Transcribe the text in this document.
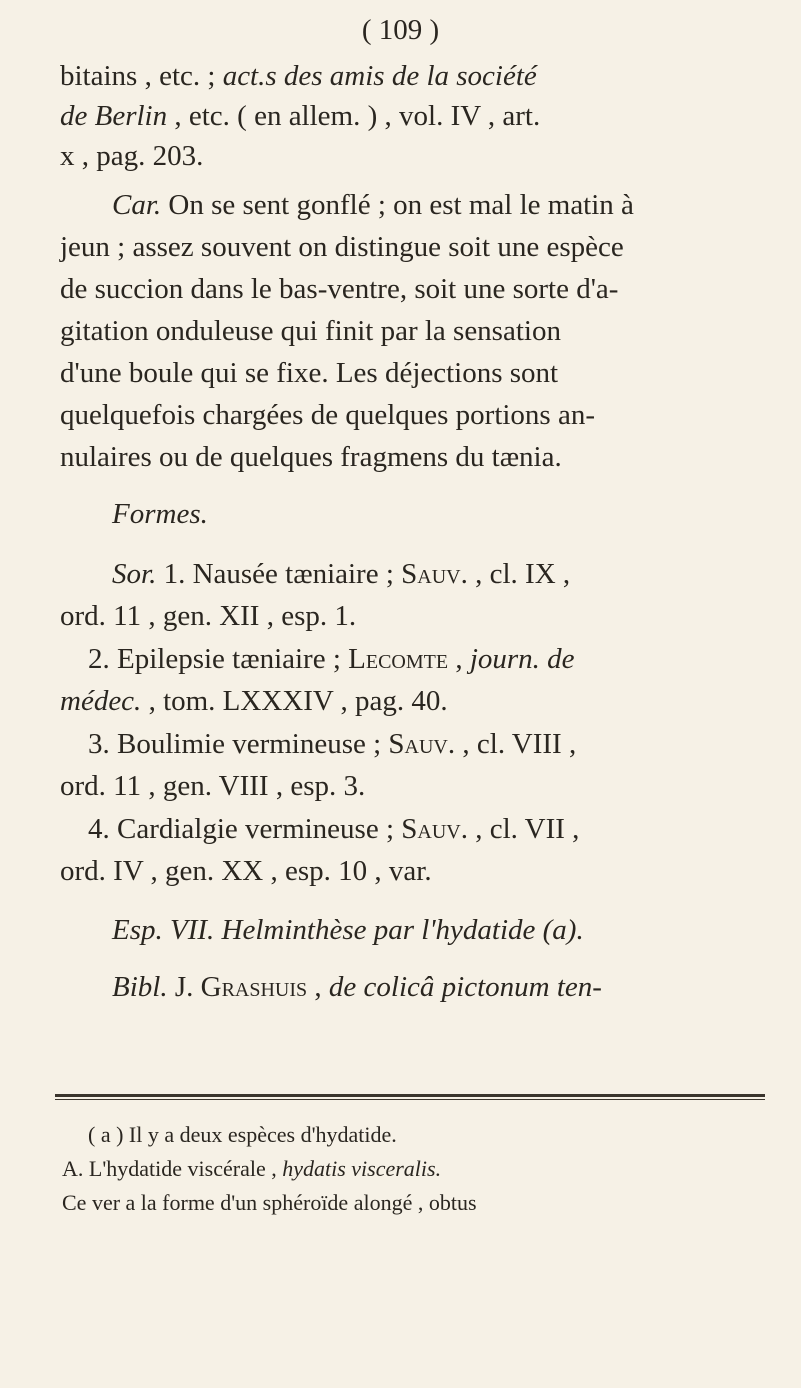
( 109 )
bitains , etc. ; act.s des amis de la société
de Berlin , etc. ( en allem. ) , vol. IV , art.
x , pag. 203.
Car. On se sent gonflé ; on est mal le matin à
jeun ; assez souvent on distingue soit une espèce
de succion dans le bas-ventre, soit une sorte d'a-
gitation onduleuse qui finit par la sensation
d'une boule qui se fixe. Les déjections sont
quelquefois chargées de quelques portions an-
nulaires ou de quelques fragmens du tænia.
Formes.
Sor. 1. Nausée tæniaire ; Sauv. , cl. IX ,
ord. 11 , gen. XII , esp. 1.
2. Epilepsie tæniaire ; Lecomte , journ. de
médec. , tom. LXXXIV , pag. 40.
3. Boulimie vermineuse ; Sauv. , cl. VIII ,
ord. 11 , gen. VIII , esp. 3.
4. Cardialgie vermineuse ; Sauv. , cl. VII ,
ord. IV , gen. XX , esp. 10 , var.
Esp. VII. Helminthèse par l'hydatide (a).
Bibl. J. Grashuis , de colicâ pictonum ten-
( a ) Il y a deux espèces d'hydatide.
A. L'hydatide viscérale , hydatis visceralis.
Ce ver a la forme d'un sphéroïde alongé , obtus
